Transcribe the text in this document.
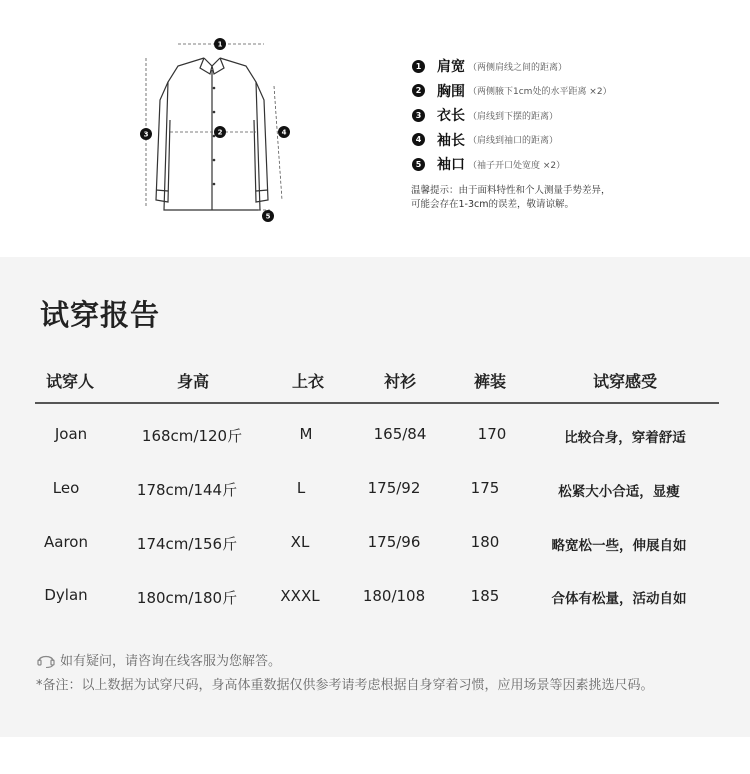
1
3	2	4
5
1 肩宽 （两侧肩线之间的距离）
2 胸围 （两侧腋下1cm处的水平距离 ×2）
3 衣长 （肩线到下摆的距离）
4 袖长 （肩线到袖口的距离）
5 袖口 （袖子开口处宽度 ×2）
温馨提示：由于面料特性和个人测量手势差异，
可能会存在1-3cm的误差，敬请谅解。
试穿报告
试穿人	身高	上衣	衬衫	裤装	试穿感受
Joan	168cm/120斤	M	165/84	170	比较合身，穿着舒适
Leo	178cm/144斤	L	175/92	175	松紧大小合适，显瘦
Aaron	174cm/156斤	XL	175/96	180	略宽松一些，伸展自如
Dylan	180cm/180斤	XXXL	180/108	185	合体有松量，活动自如
如有疑问，请咨询在线客服为您解答。
*备注：以上数据为试穿尺码，身高体重数据仅供参考请考虑根据自身穿着习惯，应用场景等因素挑选尺码。
